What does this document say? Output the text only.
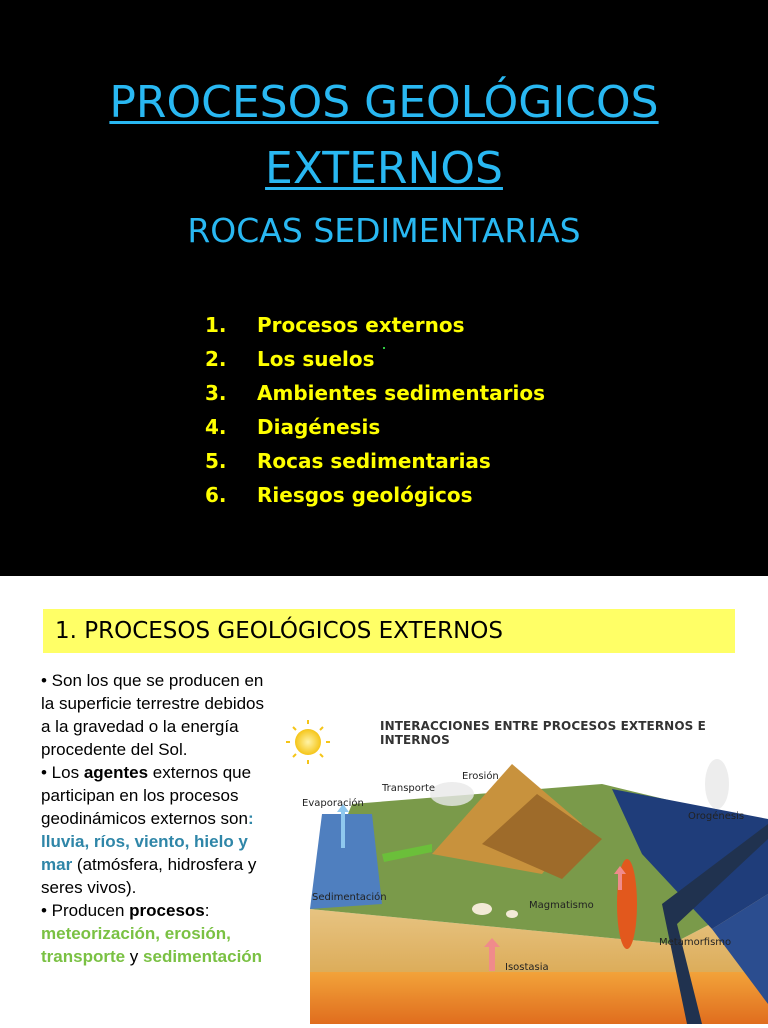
PROCESOS GEOLÓGICOS
EXTERNOS
ROCAS SEDIMENTARIAS
1.	Procesos externos
2.	Los suelos
3.	Ambientes sedimentarios
4.	Diagénesis
5.	Rocas sedimentarias
6.	Riesgos geológicos
1. PROCESOS GEOLÓGICOS EXTERNOS

• Son los que se producen en la superficie terrestre debidos a la gravedad o la energía procedente del Sol.

• Los agentes externos que participan en los procesos geodinámicos externos son: lluvia, ríos, viento, hielo y mar (atmósfera, hidrosfera y seres vivos).

• Producen procesos: meteorización, erosión, transporte y sedimentación

INTERACCIONES ENTRE PROCESOS EXTERNOS E INTERNOS
Evaporación
Transporte
Erosión
Orogénesis
Sedimentación
Magmatismo
Metamorfismo
Isostasia
